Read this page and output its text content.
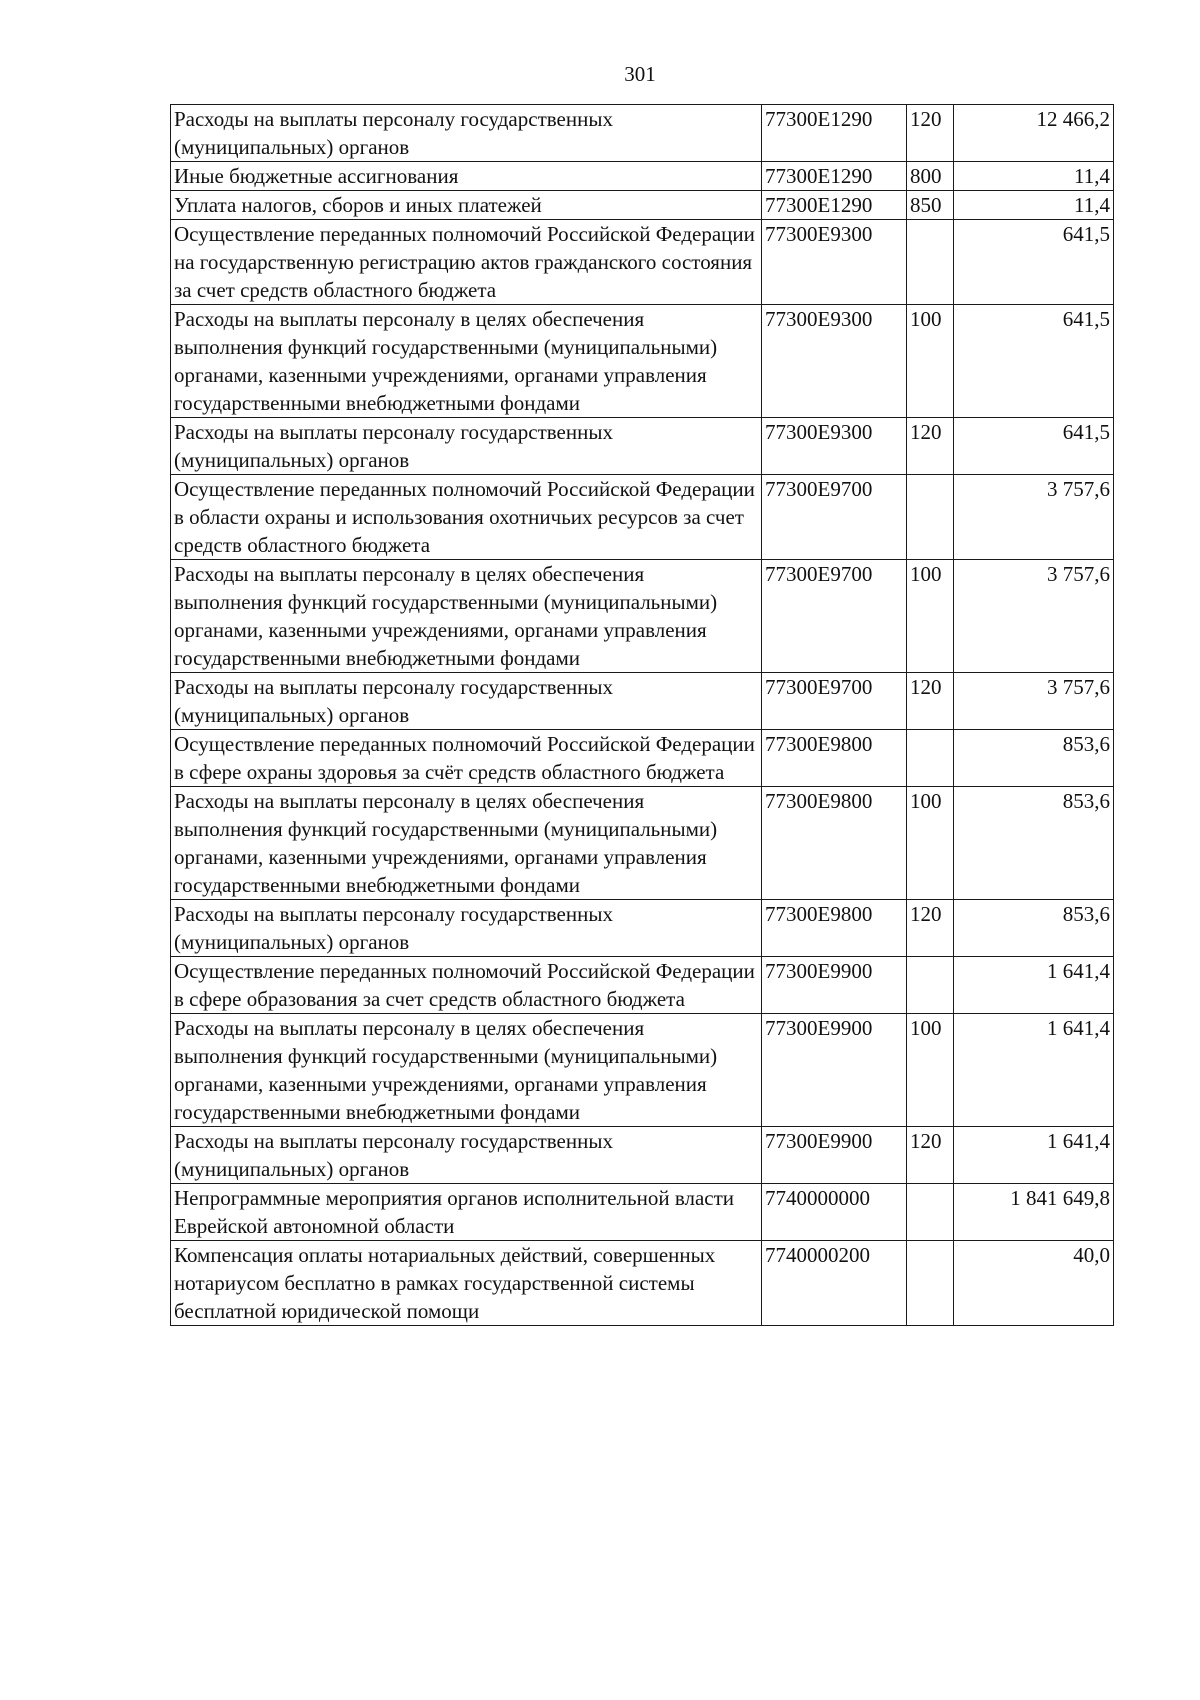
301
Расходы на выплаты персоналу государственных (муниципальных) органов	77300E1290	120	12 466,2
Иные бюджетные ассигнования	77300E1290	800	11,4
Уплата налогов, сборов и иных платежей	77300E1290	850	11,4
Осуществление переданных полномочий Российской Федерации на государственную регистрацию актов гражданского состояния за счет средств областного бюджета	77300E9300		641,5
Расходы на выплаты персоналу в целях обеспечения выполнения функций государственными (муниципальными) органами, казенными учреждениями, органами управления государственными внебюджетными фондами	77300E9300	100	641,5
Расходы на выплаты персоналу государственных (муниципальных) органов	77300E9300	120	641,5
Осуществление переданных полномочий Российской Федерации в области охраны и использования охотничьих ресурсов за счет средств областного бюджета	77300E9700		3 757,6
Расходы на выплаты персоналу в целях обеспечения выполнения функций государственными (муниципальными) органами, казенными учреждениями, органами управления государственными внебюджетными фондами	77300E9700	100	3 757,6
Расходы на выплаты персоналу государственных (муниципальных) органов	77300E9700	120	3 757,6
Осуществление переданных полномочий Российской Федерации в сфере охраны здоровья за счёт средств областного бюджета	77300E9800		853,6
Расходы на выплаты персоналу в целях обеспечения выполнения функций государственными (муниципальными) органами, казенными учреждениями, органами управления государственными внебюджетными фондами	77300E9800	100	853,6
Расходы на выплаты персоналу государственных (муниципальных) органов	77300E9800	120	853,6
Осуществление переданных полномочий Российской Федерации в сфере образования за счет средств областного бюджета	77300E9900		1 641,4
Расходы на выплаты персоналу в целях обеспечения выполнения функций государственными (муниципальными) органами, казенными учреждениями, органами управления государственными внебюджетными фондами	77300E9900	100	1 641,4
Расходы на выплаты персоналу государственных (муниципальных) органов	77300E9900	120	1 641,4
Непрограммные мероприятия органов исполнительной власти Еврейской автономной области	7740000000		1 841 649,8
Компенсация оплаты нотариальных действий, совершенных нотариусом бесплатно в рамках государственной системы бесплатной юридической помощи	7740000200		40,0
